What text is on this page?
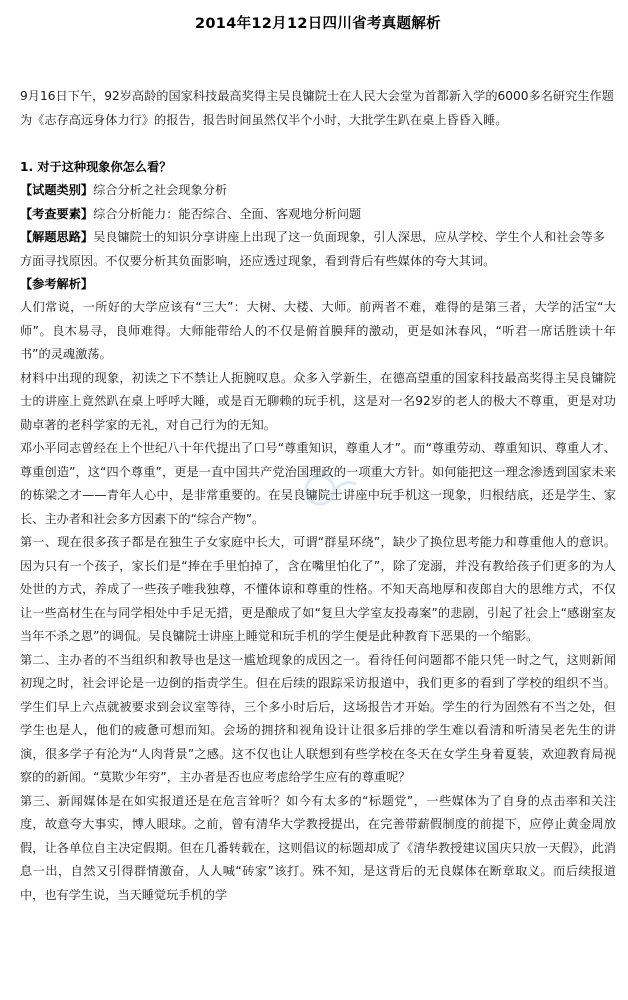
2014年12月12日四川省考真题解析

9月16日下午，92岁高龄的国家科技最高奖得主吴良镛院士在人民大会堂为首都新入学的6000多名研究生作题为《志存高远身体力行》的报告，报告时间虽然仅半个小时，大批学生趴在桌上昏昏入睡。

1. 对于这种现象你怎么看？

【试题类别】综合分析之社会现象分析

【考查要素】综合分析能力：能否综合、全面、客观地分析问题

【解题思路】吴良镛院士的知识分享讲座上出现了这一负面现象，引人深思，应从学校、学生个人和社会等多方面寻找原因。不仅要分析其负面影响，还应透过现象，看到背后有些媒体的夸大其词。

【参考解析】

人们常说，一所好的大学应该有“三大”：大树、大楼、大师。前两者不难，难得的是第三者，大学的活宝“大师”。良木易寻，良师难得。大师能带给人的不仅是俯首膜拜的激动，更是如沐春风，“听君一席话胜读十年书”的灵魂激荡。

材料中出现的现象，初读之下不禁让人扼腕叹息。众多入学新生，在德高望重的国家科技最高奖得主吴良镛院士的讲座上竟然趴在桌上呼呼大睡，或是百无聊赖的玩手机，这是对一名92岁的老人的极大不尊重，更是对功勋卓著的老科学家的无礼，对自己行为的无知。

邓小平同志曾经在上个世纪八十年代提出了口号“尊重知识，尊重人才”。而“尊重劳动、尊重知识、尊重人才、尊重创造”，这“四个尊重”，更是一直中国共产党治国理政的一项重大方针。如何能把这一理念渗透到国家未来的栋梁之才——青年人心中，是非常重要的。在吴良镛院士讲座中玩手机这一现象，归根结底，还是学生、家长、主办者和社会多方因素下的“综合产物”。

第一、现在很多孩子都是在独生子女家庭中长大，可谓“群星环绕”，缺少了换位思考能力和尊重他人的意识。因为只有一个孩子，家长们是“捧在手里怕掉了，含在嘴里怕化了”，除了宠溺，并没有教给孩子们更多的为人处世的方式，养成了一些孩子唯我独尊，不懂体谅和尊重的性格。不知天高地厚和夜郎自大的思维方式，不仅让一些高材生在与同学相处中手足无措，更是酿成了如“复旦大学室友投毒案”的悲剧，引起了社会上“感谢室友当年不杀之恩”的调侃。吴良镛院士讲座上睡觉和玩手机的学生便是此种教育下恶果的一个缩影。

第二、主办者的不当组织和教导也是这一尴尬现象的成因之一。看待任何问题都不能只凭一时之气，这则新闻初现之时，社会评论是一边倒的指责学生。但在后续的跟踪采访报道中，我们更多的看到了学校的组织不当。学生们早上六点就被要求到会议室等待，三个多小时后后，这场报告才开始。学生的行为固然有不当之处，但学生也是人，他们的疲惫可想而知。会场的拥挤和视角设计让很多后排的学生难以看清和听清吴老先生的讲演，很多学子有沦为“人肉背景”之感。这不仅也让人联想到有些学校在冬天在女学生身着夏装，欢迎教育局视察的的新闻。“莫欺少年穷”，主办者是否也应考虑给学生应有的尊重呢？

第三、新闻媒体是在如实报道还是在危言耸听？如今有太多的“标题党”，一些媒体为了自身的点击率和关注度，故意夸大事实，博人眼球。之前，曾有清华大学教授提出，在完善带薪假制度的前提下，应停止黄金周放假，让各单位自主决定假期。但在几番转载在，这则倡议的标题却成了《清华教授建议国庆只放一天假》，此消息一出，自然又引得群情激奋，人人喊“砖家”该打。殊不知，是这背后的无良媒体在断章取义。而后续报道中，也有学生说，当天睡觉玩手机的学
